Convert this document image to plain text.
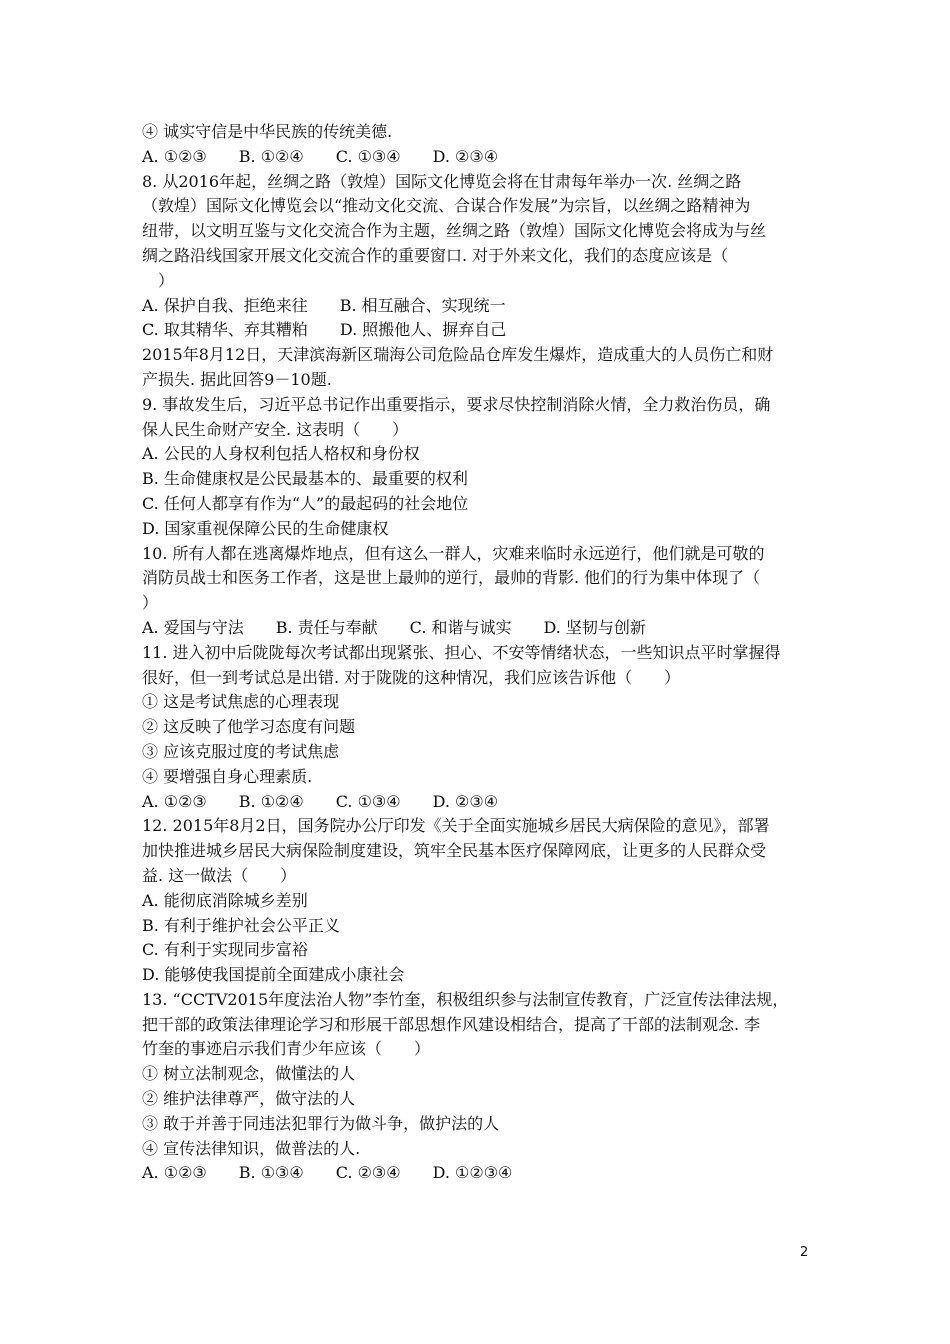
④ 诚实守信是中华民族的传统美德.
A. ①②③　　B. ①②④　　C. ①③④　　D. ②③④
8. 从2016年起，丝绸之路（敦煌）国际文化博览会将在甘肃每年举办一次. 丝绸之路
（敦煌）国际文化博览会以“推动文化交流、合谋合作发展”为宗旨，以丝绸之路精神为
纽带，以文明互鉴与文化交流合作为主题，丝绸之路（敦煌）国际文化博览会将成为与丝
绸之路沿线国家开展文化交流合作的重要窗口. 对于外来文化，我们的态度应该是（
　）
A. 保护自我、拒绝来往　　B. 相互融合、实现统一
C. 取其精华、弃其糟粕　　D. 照搬他人、摒弃自己
2015年8月12日，天津滨海新区瑞海公司危险品仓库发生爆炸，造成重大的人员伤亡和财
产损失. 据此回答9－10题.
9. 事故发生后，习近平总书记作出重要指示，要求尽快控制消除火情，全力救治伤员，确
保人民生命财产安全. 这表明（　　）
A. 公民的人身权利包括人格权和身份权
B. 生命健康权是公民最基本的、最重要的权利
C. 任何人都享有作为“人”的最起码的社会地位
D. 国家重视保障公民的生命健康权
10. 所有人都在逃离爆炸地点，但有这么一群人，灾难来临时永远逆行，他们就是可敬的
消防员战士和医务工作者，这是世上最帅的逆行，最帅的背影. 他们的行为集中体现了（
）
A. 爱国与守法　　B. 责任与奉献　　C. 和谐与诚实　　D. 坚韧与创新
11. 进入初中后陇陇每次考试都出现紧张、担心、不安等情绪状态，一些知识点平时掌握得
很好，但一到考试总是出错. 对于陇陇的这种情况，我们应该告诉他（　　）
① 这是考试焦虑的心理表现
② 这反映了他学习态度有问题
③ 应该克服过度的考试焦虑
④ 要增强自身心理素质.
A. ①②③　　B. ①②④　　C. ①③④　　D. ②③④
12. 2015年8月2日，国务院办公厅印发《关于全面实施城乡居民大病保险的意见》，部署
加快推进城乡居民大病保险制度建设，筑牢全民基本医疗保障网底，让更多的人民群众受
益. 这一做法（　　）
A. 能彻底消除城乡差别
B. 有利于维护社会公平正义
C. 有利于实现同步富裕
D. 能够使我国提前全面建成小康社会
13. “CCTV2015年度法治人物”李竹奎，积极组织参与法制宣传教育，广泛宣传法律法规，
把干部的政策法律理论学习和形展干部思想作风建设相结合，提高了干部的法制观念. 李
竹奎的事迹启示我们青少年应该（　　）
① 树立法制观念，做懂法的人
② 维护法律尊严，做守法的人
③ 敢于并善于同违法犯罪行为做斗争，做护法的人
④ 宣传法律知识，做普法的人.
A. ①②③　　B. ①③④　　C. ②③④　　D. ①②③④
2
